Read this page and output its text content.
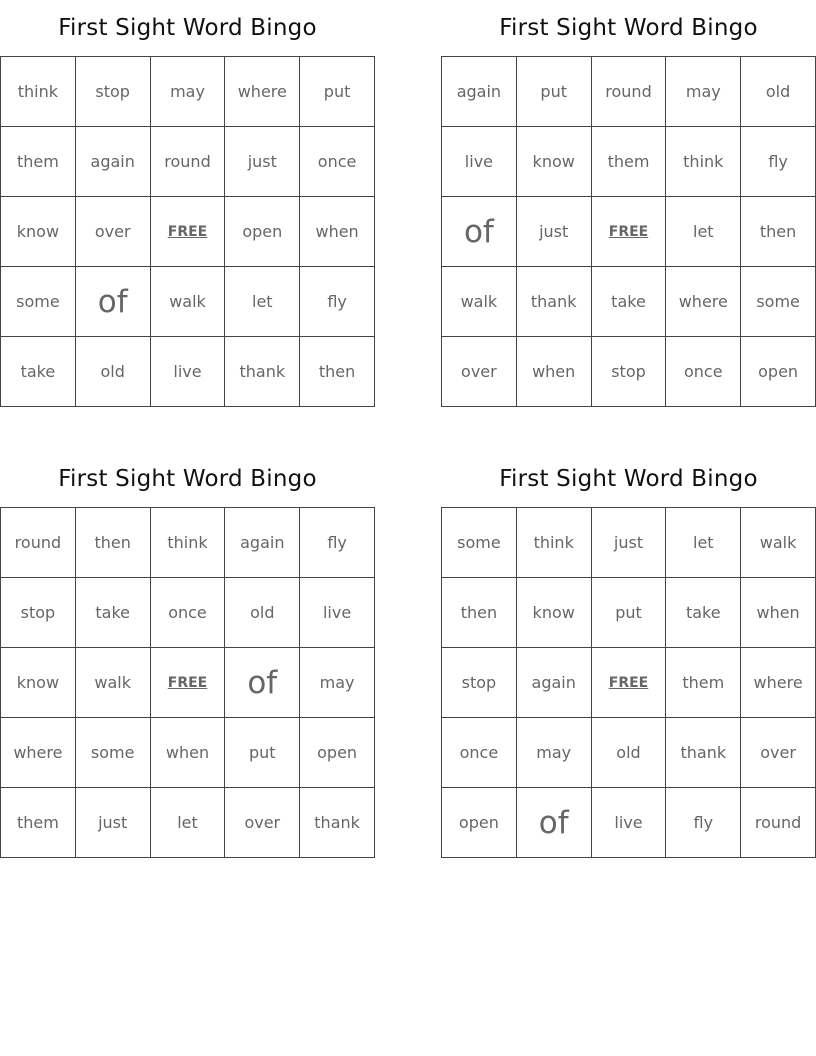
First Sight Word Bingo
think	stop	may	where	put
them	again	round	just	once
know	over	FREE	open	when
some	of	walk	let	fly
take	old	live	thank	then
First Sight Word Bingo
again	put	round	may	old
live	know	them	think	fly
of	just	FREE	let	then
walk	thank	take	where	some
over	when	stop	once	open
First Sight Word Bingo
round	then	think	again	fly
stop	take	once	old	live
know	walk	FREE	of	may
where	some	when	put	open
them	just	let	over	thank
First Sight Word Bingo
some	think	just	let	walk
then	know	put	take	when
stop	again	FREE	them	where
once	may	old	thank	over
open	of	live	fly	round
